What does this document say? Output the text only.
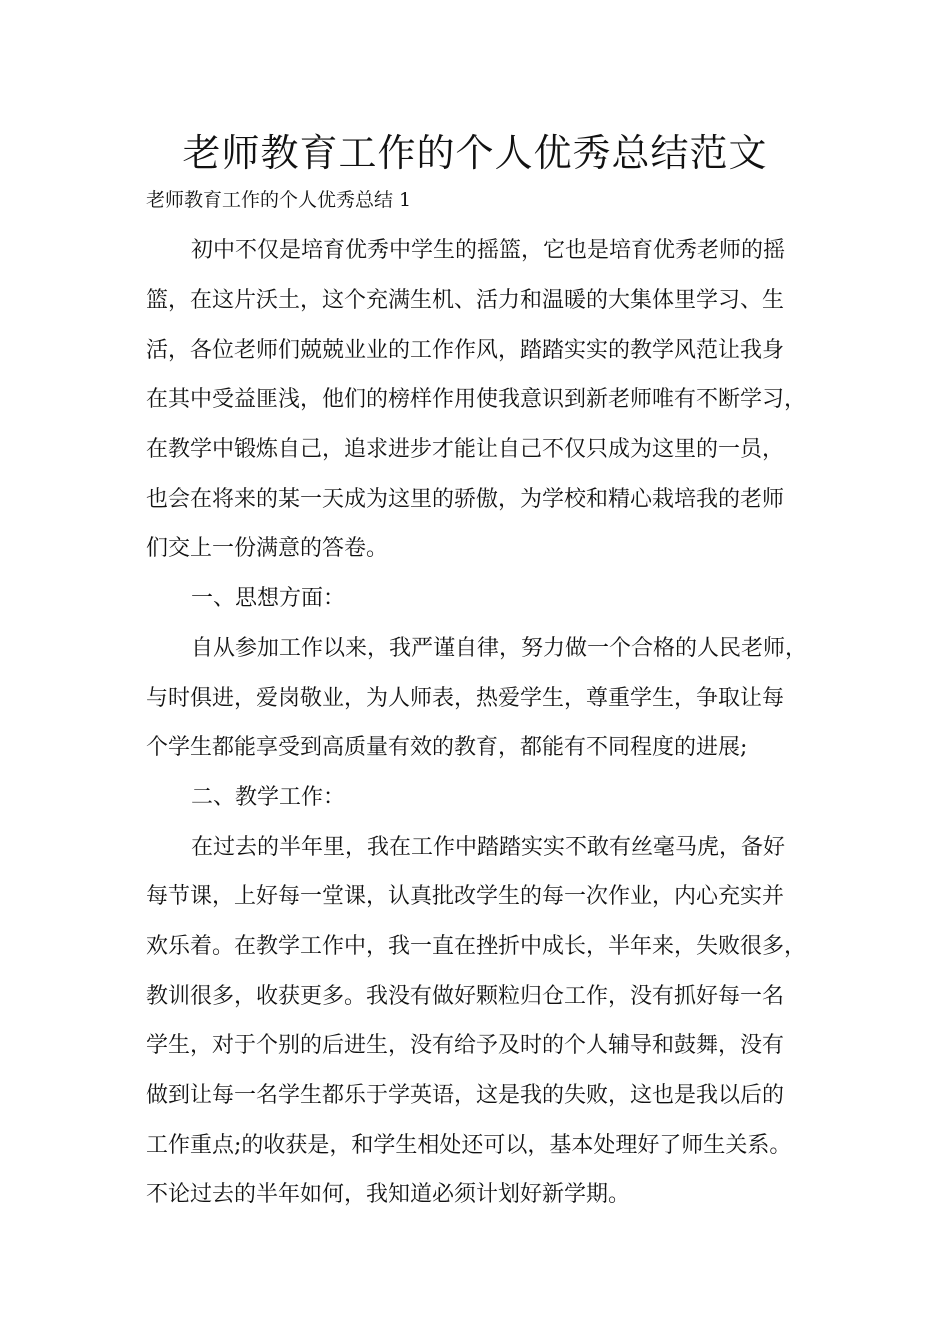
老师教育工作的个人优秀总结范文

老师教育工作的个人优秀总结 1

初中不仅是培育优秀中学生的摇篮，它也是培育优秀老师的摇

篮，在这片沃土，这个充满生机、活力和温暖的大集体里学习、生

活，各位老师们兢兢业业的工作作风，踏踏实实的教学风范让我身

在其中受益匪浅，他们的榜样作用使我意识到新老师唯有不断学习，

在教学中锻炼自己，追求进步才能让自己不仅只成为这里的一员，

也会在将来的某一天成为这里的骄傲，为学校和精心栽培我的老师

们交上一份满意的答卷。

一、思想方面：

自从参加工作以来，我严谨自律，努力做一个合格的人民老师，

与时俱进，爱岗敬业，为人师表，热爱学生，尊重学生，争取让每

个学生都能享受到高质量有效的教育，都能有不同程度的进展;

二、教学工作：

在过去的半年里，我在工作中踏踏实实不敢有丝毫马虎，备好

每节课，上好每一堂课，认真批改学生的每一次作业，内心充实并

欢乐着。在教学工作中，我一直在挫折中成长，半年来，失败很多，

教训很多，收获更多。我没有做好颗粒归仓工作，没有抓好每一名

学生，对于个别的后进生，没有给予及时的个人辅导和鼓舞，没有

做到让每一名学生都乐于学英语，这是我的失败，这也是我以后的

工作重点;的收获是，和学生相处还可以，基本处理好了师生关系。

不论过去的半年如何，我知道必须计划好新学期。
